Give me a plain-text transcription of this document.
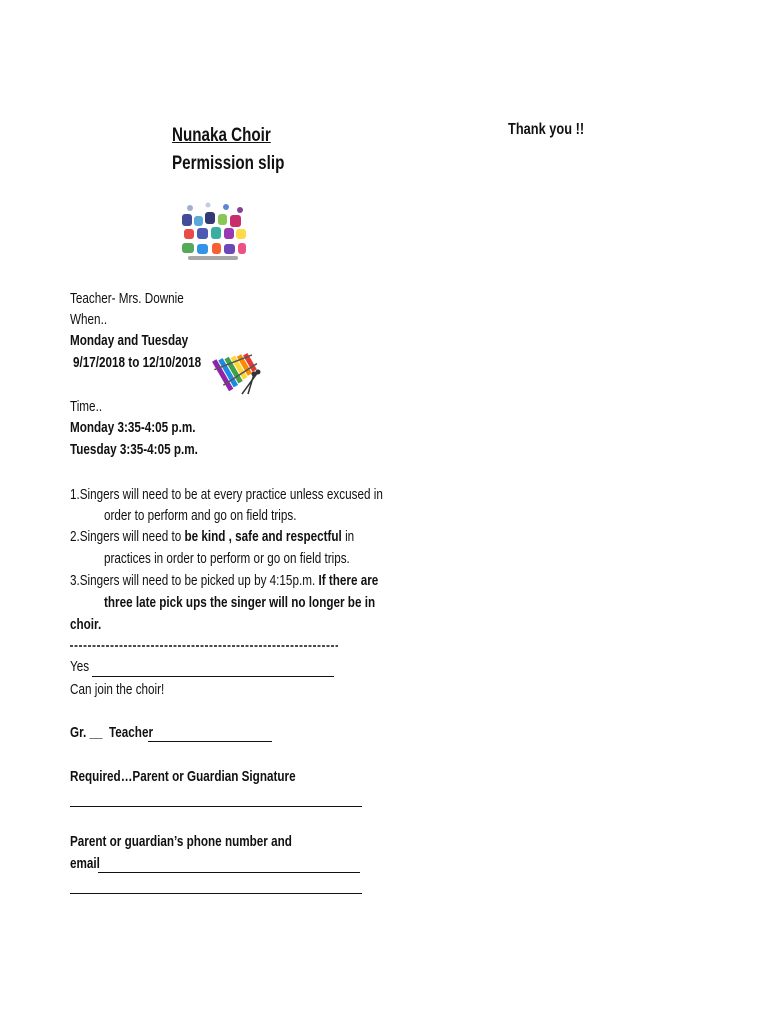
Thank you !!
Nunaka Choir
Permission slip
Teacher- Mrs. Downie
When..
Monday and Tuesday
9/17/2018 to 12/10/2018
Time..
Monday 3:35-4:05 p.m.
Tuesday 3:35-4:05 p.m.
1.Singers will need to be at every practice unless excused in
order to perform and go on field trips.
2.Singers will need to be kind , safe and respectful in
practices in order to perform or go on field trips.
3.Singers will need to be picked up by 4:15p.m. If there are
three late pick ups the singer will no longer be in
choir.
Yes
Can join the choir!
Gr. __ Teacher
Required…Parent or Guardian Signature
Parent or guardian’s phone number and
email
